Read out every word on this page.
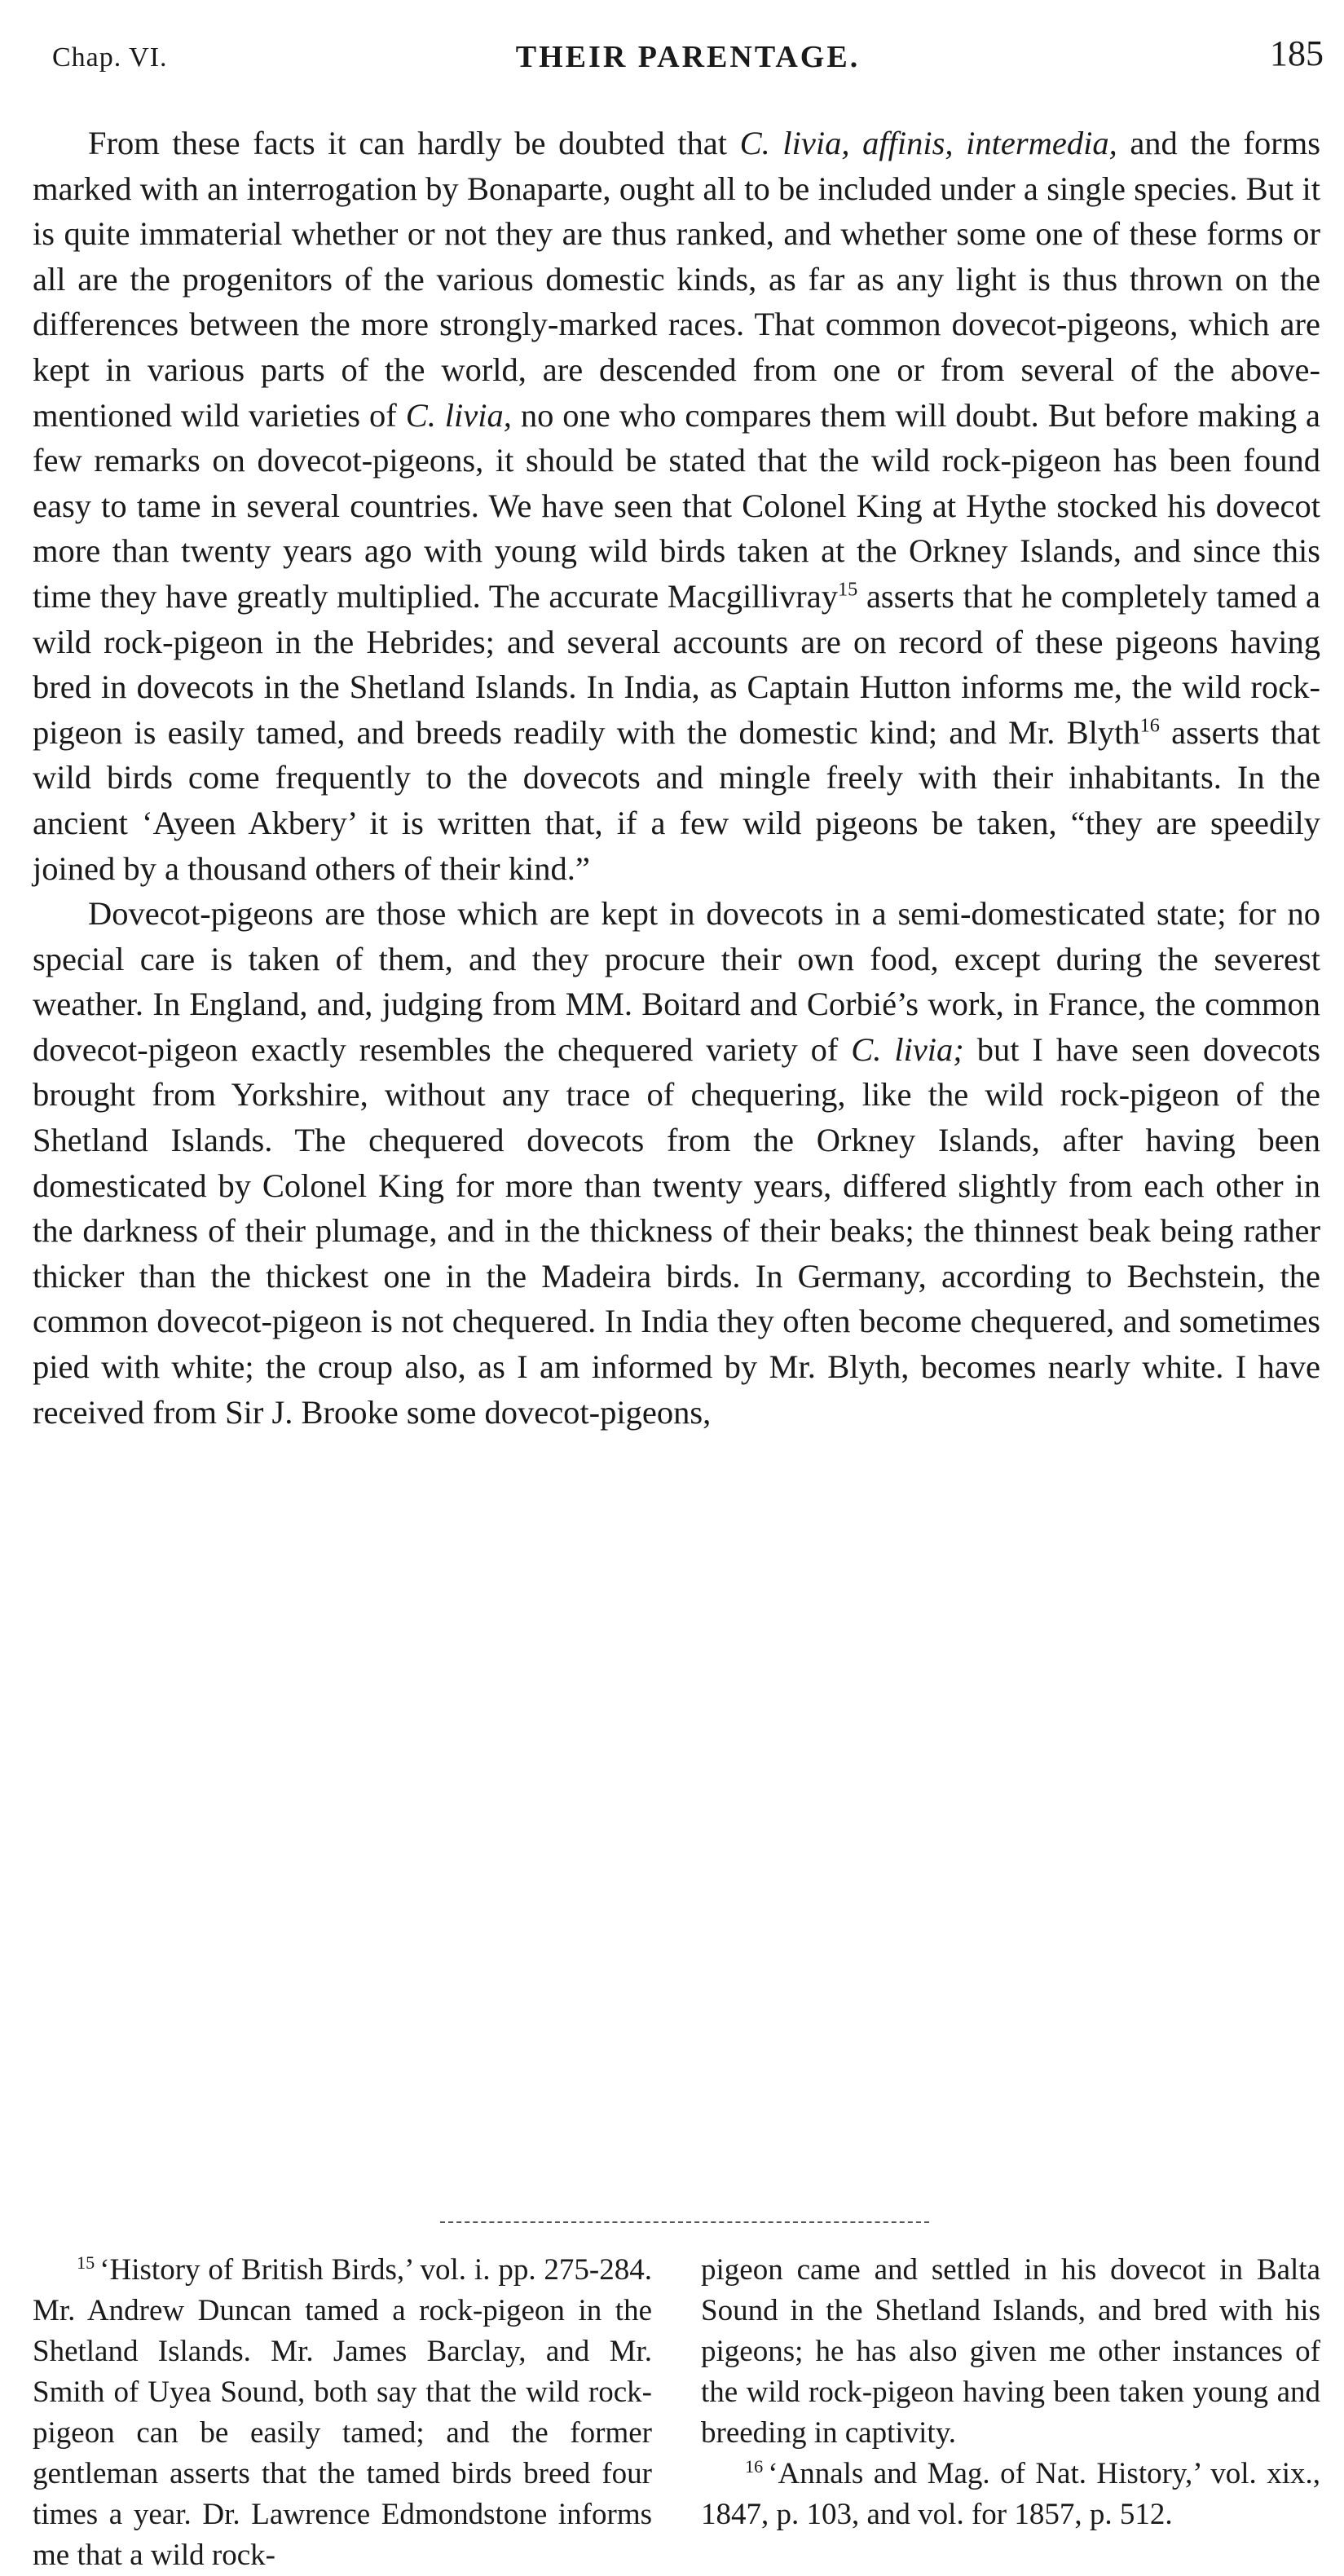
Chap. VI.	THEIR PARENTAGE.	185

From these facts it can hardly be doubted that C. livia, affinis, intermedia, and the forms marked with an interrogation by Bonaparte, ought all to be included under a single species. But it is quite immaterial whether or not they are thus ranked, and whether some one of these forms or all are the progenitors of the various domestic kinds, as far as any light is thus thrown on the differences between the more strongly-marked races. That common dovecot-pigeons, which are kept in various parts of the world, are descended from one or from several of the above-mentioned wild varieties of C. livia, no one who compares them will doubt. But before making a few remarks on dovecot-pigeons, it should be stated that the wild rock-pigeon has been found easy to tame in several countries. We have seen that Colonel King at Hythe stocked his dovecot more than twenty years ago with young wild birds taken at the Orkney Islands, and since this time they have greatly multiplied. The accurate Macgillivray$^{15}$ asserts that he completely tamed a wild rock-pigeon in the Hebrides; and several accounts are on record of these pigeons having bred in dovecots in the Shetland Islands. In India, as Captain Hutton informs me, the wild rock-pigeon is easily tamed, and breeds readily with the domestic kind; and Mr. Blyth$^{16}$ asserts that wild birds come frequently to the dovecots and mingle freely with their inhabitants. In the ancient ‘Ayeen Akbery’ it is written that, if a few wild pigeons be taken, “they are speedily joined by a thousand others of their kind.”

Dovecot-pigeons are those which are kept in dovecots in a semi-domesticated state; for no special care is taken of them, and they procure their own food, except during the severest weather. In England, and, judging from MM. Boitard and Corbié’s work, in France, the common dovecot-pigeon exactly resembles the chequered variety of C. livia; but I have seen dovecots brought from Yorkshire, without any trace of chequering, like the wild rock-pigeon of the Shetland Islands. The chequered dovecots from the Orkney Islands, after having been domesticated by Colonel King for more than twenty years, differed slightly from each other in the darkness of their plumage, and in the thickness of their beaks; the thinnest beak being rather thicker than the thickest one in the Madeira birds. In Germany, according to Bechstein, the common dovecot-pigeon is not chequered. In India they often become chequered, and sometimes pied with white; the croup also, as I am informed by Mr. Blyth, becomes nearly white. I have received from Sir J. Brooke some dovecot-pigeons,

$^{15}$ ‘History of British Birds,’ vol. i. pp. 275-284. Mr. Andrew Duncan tamed a rock-pigeon in the Shetland Islands. Mr. James Barclay, and Mr. Smith of Uyea Sound, both say that the wild rock-pigeon can be easily tamed; and the former gentleman asserts that the tamed birds breed four times a year. Dr. Lawrence Edmondstone informs me that a wild rock-

pigeon came and settled in his dovecot in Balta Sound in the Shetland Islands, and bred with his pigeons; he has also given me other instances of the wild rock-pigeon having been taken young and breeding in captivity.

$^{16}$ ‘Annals and Mag. of Nat. History,’ vol. xix., 1847, p. 103, and vol. for 1857, p. 512.
